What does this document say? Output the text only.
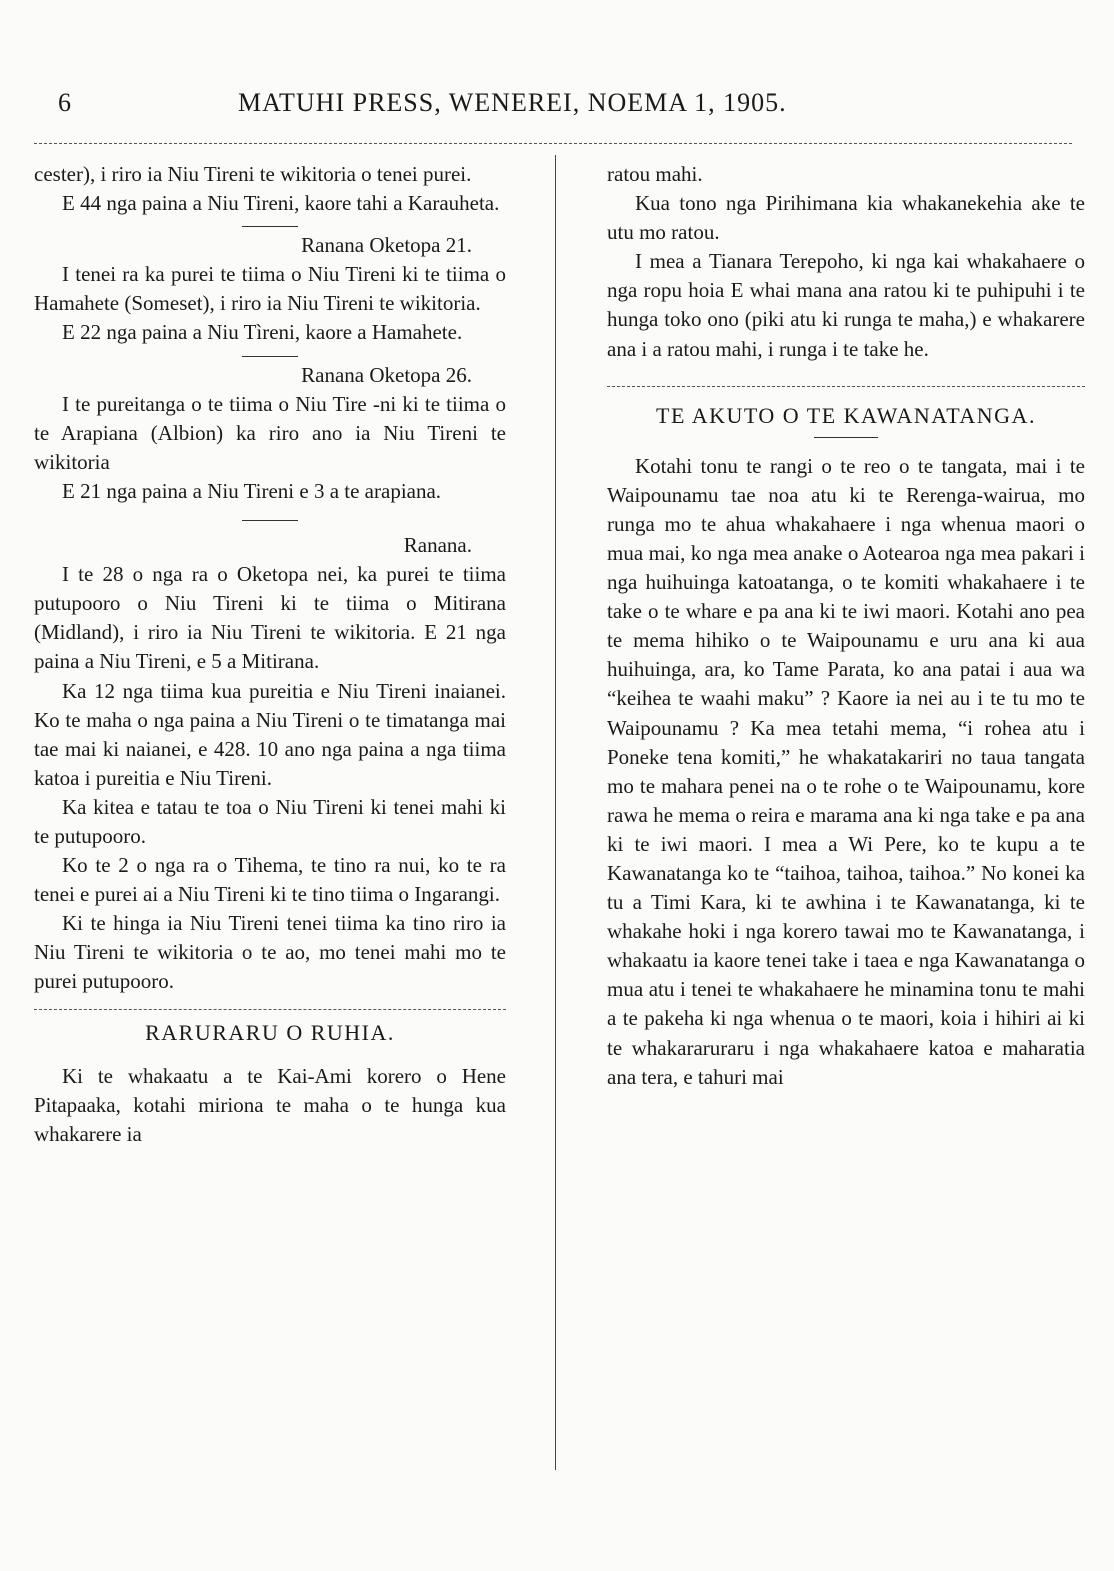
6	MATUHI PRESS, WENEREI, NOEMA 1, 1905.

cester), i riro ia Niu Tireni te wikitoria o tenei purei.

E 44 nga paina a Niu Tireni, kaore tahi a Karauheta.

Ranana Oketopa 21.

I tenei ra ka purei te tiima o Niu Tireni ki te tiima o Hamahete (Someset), i riro ia Niu Tireni te wikitoria.

E 22 nga paina a Niu Tìreni, kaore a Hamahete.

Ranana Oketopa 26.

I te pureitanga o te tiima o Niu Tire -ni ki te tiima o te Arapiana (Albion) ka riro ano ia Niu Tireni te wikitoria

E 21 nga paina a Niu Tireni e 3 a te arapiana.

Ranana.

I te 28 o nga ra o Oketopa nei, ka purei te tiima putupooro o Niu Tireni ki te tiima o Mitirana (Midland), i riro ia Niu Tireni te wikitoria. E 21 nga paina a Niu Tireni, e 5 a Mitirana.

Ka 12 nga tiima kua pureitia e Niu Tireni inaianei. Ko te maha o nga paina a Niu Tireni o te timatanga mai tae mai ki naianei, e 428. 10 ano nga paina a nga tiima katoa i pureitia e Niu Tireni.

Ka kitea e tatau te toa o Niu Tireni ki tenei mahi ki te putupooro.

Ko te 2 o nga ra o Tihema, te tino ra nui, ko te ra tenei e purei ai a Niu Tireni ki te tino tiima o Ingarangi.

Ki te hinga ia Niu Tireni tenei tiima ka tino riro ia Niu Tireni te wikitoria o te ao, mo tenei mahi mo te purei putupooro.

RARURARU O RUHIA.

Ki te whakaatu a te Kai-Ami korero o Hene Pitapaaka, kotahi miriona te maha o te hunga kua whakarere ia

ratou mahi.

Kua tono nga Pirihimana kia whakanekehia ake te utu mo ratou.

I mea a Tianara Terepoho, ki nga kai whakahaere o nga ropu hoia E whai mana ana ratou ki te puhipuhi i te hunga toko ono (piki atu ki runga te maha,) e whakarere ana i a ratou mahi, i runga i te take he.

TE AKUTO O TE KAWANATANGA.

Kotahi tonu te rangi o te reo o te tangata, mai i te Waipounamu tae noa atu ki te Rerenga-wairua, mo runga mo te ahua whakahaere i nga whenua maori o mua mai, ko nga mea anake o Aotearoa nga mea pakari i nga huihuinga katoatanga, o te komiti whakahaere i te take o te whare e pa ana ki te iwi maori. Kotahi ano pea te mema hihiko o te Waipounamu e uru ana ki aua huihuinga, ara, ko Tame Parata, ko ana patai i aua wa “keihea te waahi maku” ? Kaore ia nei au i te tu mo te Waipounamu ? Ka mea tetahi mema, “i rohea atu i Poneke tena komiti,” he whakatakariri no taua tangata mo te mahara penei na o te rohe o te Waipounamu, kore rawa he mema o reira e marama ana ki nga take e pa ana ki te iwi maori. I mea a Wi Pere, ko te kupu a te Kawanatanga ko te “taihoa, taihoa, taihoa.” No konei ka tu a Timi Kara, ki te awhina i te Kawanatanga, ki te whakahe hoki i nga korero tawai mo te Kawanatanga, i whakaatu ia kaore tenei take i taea e nga Kawanatanga o mua atu i tenei te whakahaere he minamina tonu te mahi a te pakeha ki nga whenua o te maori, koia i hihiri ai ki te whakararuraru i nga whakahaere katoa e maharatia ana tera, e tahuri mai
